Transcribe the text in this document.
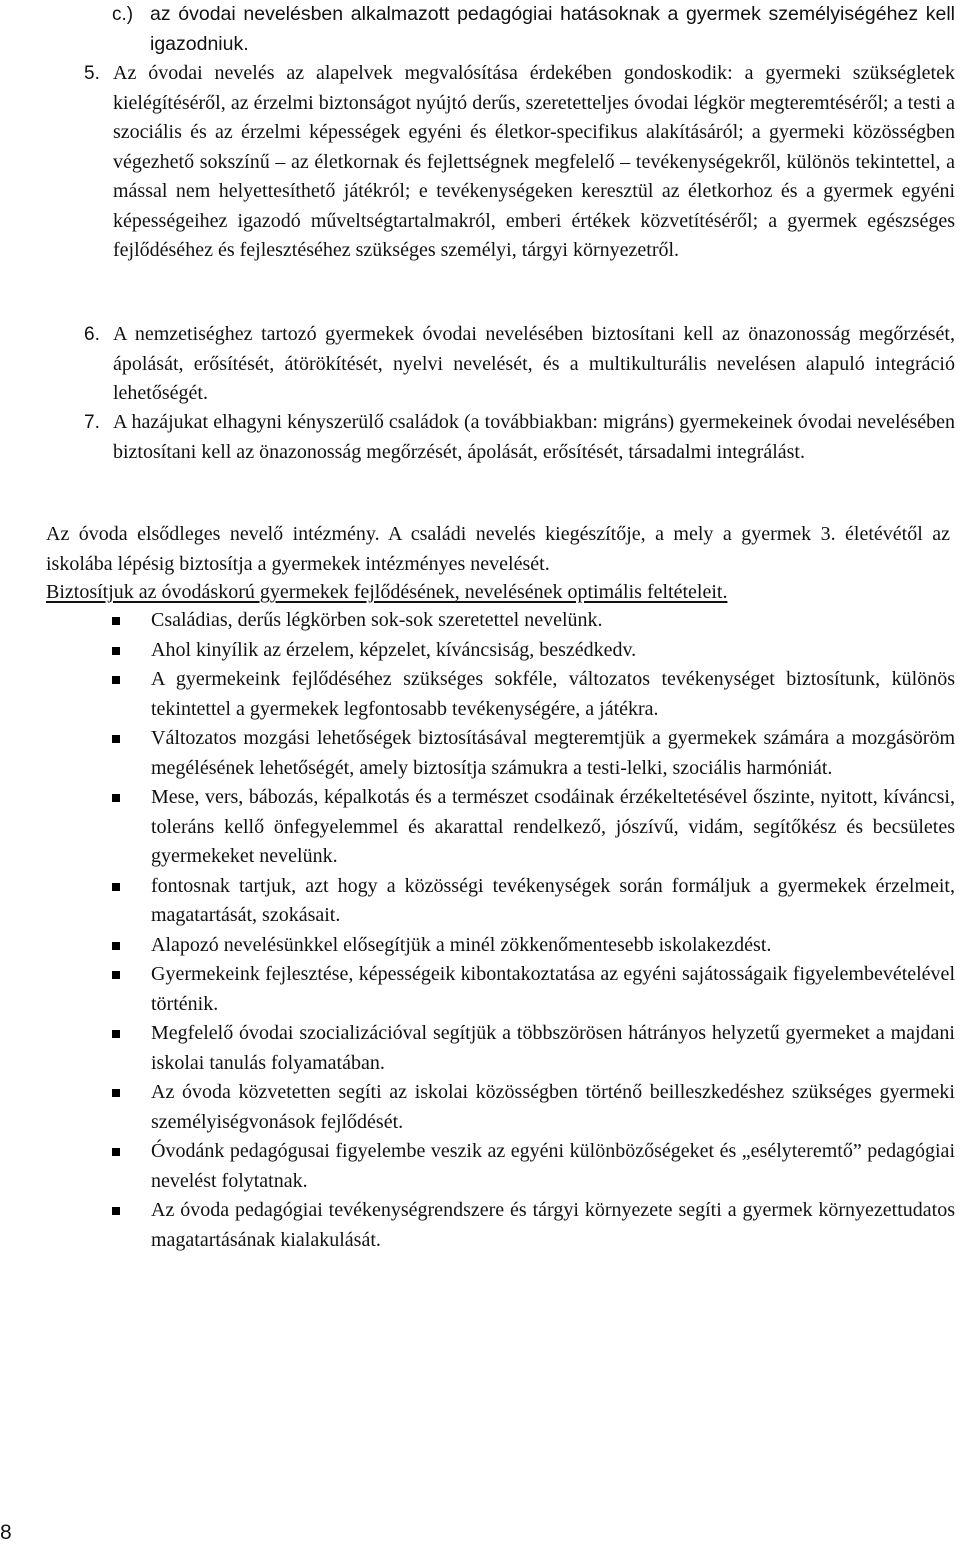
c.) az óvodai nevelésben alkalmazott pedagógiai hatásoknak a gyermek személyiségéhez kell igazodniuk.
5. Az óvodai nevelés az alapelvek megvalósítása érdekében gondoskodik: a gyermeki szükségletek kielégítéséről, az érzelmi biztonságot nyújtó derűs, szeretetteljes óvodai légkör megteremtéséről; a testi a szociális és az érzelmi képességek egyéni és életkor-specifikus alakításáról; a gyermeki közösségben végezhető sokszínű – az életkornak és fejlettségnek megfelelő – tevékenységekről, különös tekintettel, a mással nem helyettesíthető játékról; e tevékenységeken keresztül az életkorhoz és a gyermek egyéni képességeihez igazodó műveltségtartalmakról, emberi értékek közvetítéséről; a gyermek egészséges fejlődéséhez és fejlesztéséhez szükséges személyi, tárgyi környezetről.
6. A nemzetiséghez tartozó gyermekek óvodai nevelésében biztosítani kell az önazonosság megőrzését, ápolását, erősítését, átörökítését, nyelvi nevelését, és a multikulturális nevelésen alapuló integráció lehetőségét.
7. A hazájukat elhagyni kényszerülő családok (a továbbiakban: migráns) gyermekeinek óvodai nevelésében biztosítani kell az önazonosság megőrzését, ápolását, erősítését, társadalmi integrálást.
Az óvoda elsődleges nevelő intézmény. A családi nevelés kiegészítője, a mely a gyermek 3. életévétől az iskolába lépésig biztosítja a gyermekek intézményes nevelését.
Biztosítjuk az óvodáskorú gyermekek fejlődésének, nevelésének optimális feltételeit.
Családias, derűs légkörben sok-sok szeretettel nevelünk.
Ahol kinyílik az érzelem, képzelet, kíváncsiság, beszédkedv.
A gyermekeink fejlődéséhez szükséges sokféle, változatos tevékenységet biztosítunk, különös tekintettel a gyermekek legfontosabb tevékenységére, a játékra.
Változatos mozgási lehetőségek biztosításával megteremtjük a gyermekek számára a mozgásöröm megélésének lehetőségét, amely biztosítja számukra a testi-lelki, szociális harmóniát.
Mese, vers, bábozás, képalkotás és a természet csodáinak érzékeltetésével őszinte, nyitott, kíváncsi, toleráns kellő önfegyelemmel és akarattal rendelkező, jószívű, vidám, segítőkész és becsületes gyermekeket nevelünk.
fontosnak tartjuk, azt hogy a közösségi tevékenységek során formáljuk a gyermekek érzelmeit, magatartását, szokásait.
Alapozó nevelésünkkel elősegítjük a minél zökkenőmentesebb iskolakezdést.
Gyermekeink fejlesztése, képességeik kibontakoztatása az egyéni sajátosságaik figyelembevételével történik.
Megfelelő óvodai szocializációval segítjük a többszörösen hátrányos helyzetű gyermeket a majdani iskolai tanulás folyamatában.
Az óvoda közvetetten segíti az iskolai közösségben történő beilleszkedéshez szükséges gyermeki személyiségvonások fejlődését.
Óvodánk pedagógusai figyelembe veszik az egyéni különbözőségeket és „esélyteremtő” pedagógiai nevelést folytatnak.
Az óvoda pedagógiai tevékenységrendszere és tárgyi környezete segíti a gyermek környezettudatos magatartásának kialakulását.
8
